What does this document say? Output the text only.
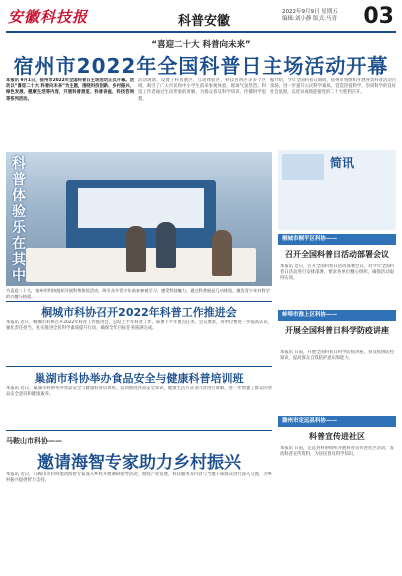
安徽科技报	科普安徽
2022年9月9日 星期五
编辑:刘小静 版式:马青 03
“喜迎二十大 科普向未来”
宿州市2022年全国科普日主场活动开幕
本报讯 9月1日，宿州市2022年全国科普日主场活动正式开幕。活动以“喜迎二十大 科普向未来”为主题，围绕科技创新、乡村振兴、绿色发展、健康生活等内容，开展科普展览、科普讲座、科技咨询等系列活动。
活动现场，设置了科普展区、互动体验区、科技咨询区等多个区域，吸引了广大市民和中小学生前来参观体验，现场气氛热烈。科技工作者通过生动形象的讲解，为群众普及科学知识，传播科学思想。
据介绍，今年全国科普日期间，宿州市将组织开展各类科普活动百余场，进一步提升公民科学素质，营造热爱科学、崇尚科学的良好社会氛围，以优异成绩迎接党的二十大胜利召开。
科普体验 乐在其中
为喜迎二十大，宿州市科协组织开展科普体验活动，吸引众多青少年前来参观学习，感受科技魅力。通过科普展品互动体验，激发青少年对科学的兴趣与热爱。
桐城市科协召开2022年科普工作推进会
本报讯 近日，桐城市科协召开2022年科普工作推进会，总结上半年科普工作，部署下半年重点任务。会议要求，各单位要进一步提高认识，强化责任担当，扎实推进全民科学素质提升行动，确保全年目标任务圆满完成。
巢湖市科协举办食品安全与健康科普培训班
本报讯 近日，巢湖市科协举办食品安全与健康科普培训班。培训围绕食品安全知识、健康生活方式等内容进行讲解，进一步增强了群众的食品安全意识和健康素养。
马鞍山市科协——
邀请海智专家助力乡村振兴
本报讯 近日，马鞍山市科协邀请海智专家深入乡村开展调研指导活动，围绕产业发展、科技服务等内容与当地干部群众进行深入交流，为乡村振兴提供智力支持。
简讯
桐城市桐平区科协——
召开全国科普日活动部署会议
本报讯 近日，召开全国科普日活动部署会议，对今年全国科普日活动进行安排部署，要求各单位精心组织，确保活动取得实效。
蚌埠市淮上区科协——
开展全国科普日科学防疫讲座
本报讯 日前，开展全国科普日科学防疫讲座，普及疫情防控知识，提高群众自我防护意识和能力。
滁州市定远县科协——
科普宣传进社区
本报讯 日前，定远县科协组织开展科普宣传进社区活动，发放科普宣传资料，为居民普及科学知识。
